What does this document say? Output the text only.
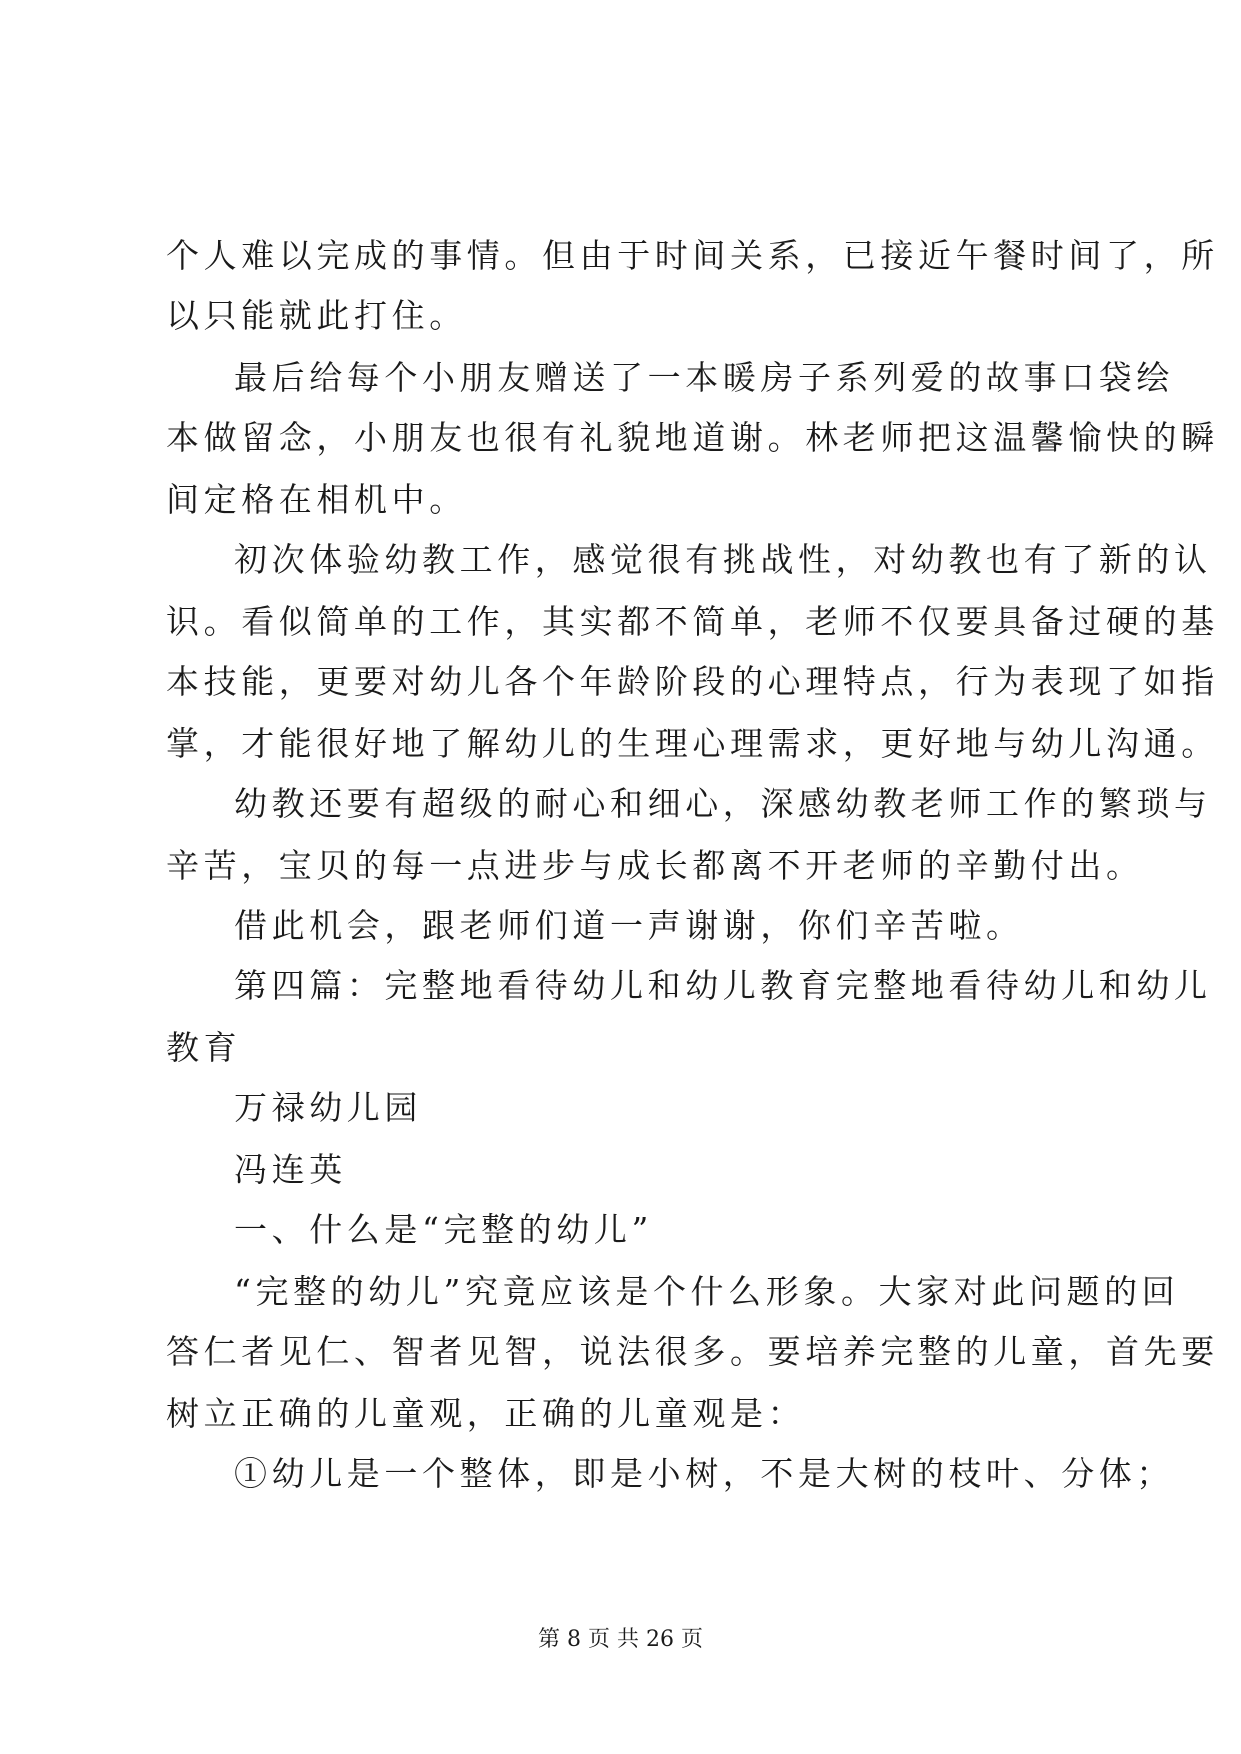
个人难以完成的事情。但由于时间关系，已接近午餐时间了，所
以只能就此打住。
最后给每个小朋友赠送了一本暖房子系列爱的故事口袋绘
本做留念，小朋友也很有礼貌地道谢。林老师把这温馨愉快的瞬
间定格在相机中。
初次体验幼教工作，感觉很有挑战性，对幼教也有了新的认
识。看似简单的工作，其实都不简单，老师不仅要具备过硬的基
本技能，更要对幼儿各个年龄阶段的心理特点，行为表现了如指
掌，才能很好地了解幼儿的生理心理需求，更好地与幼儿沟通。
幼教还要有超级的耐心和细心，深感幼教老师工作的繁琐与
辛苦，宝贝的每一点进步与成长都离不开老师的辛勤付出。
借此机会，跟老师们道一声谢谢，你们辛苦啦。
第四篇：完整地看待幼儿和幼儿教育完整地看待幼儿和幼儿
教育
万禄幼儿园
冯连英
一、什么是“完整的幼儿”
“完整的幼儿”究竟应该是个什么形象。大家对此问题的回
答仁者见仁、智者见智，说法很多。要培养完整的儿童，首先要
树立正确的儿童观，正确的儿童观是：
①幼儿是一个整体，即是小树，不是大树的枝叶、分体；
第 8 页 共 26 页
